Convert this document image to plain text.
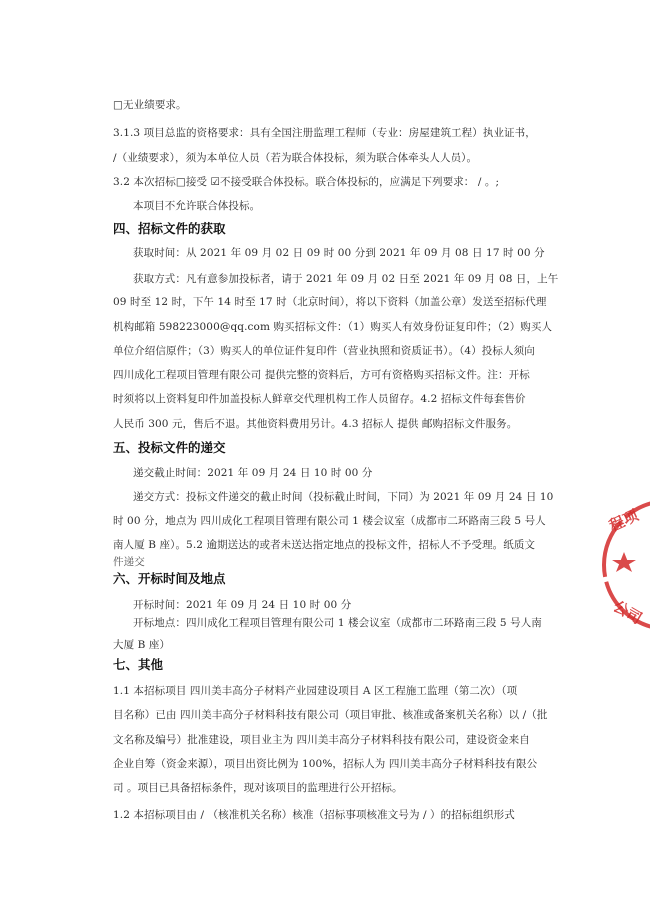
□无业绩要求。
3.1.3 项目总监的资格要求：具有全国注册监理工程师（专业：房屋建筑工程）执业证书，
/（业绩要求），须为本单位人员（若为联合体投标，须为联合体牵头人人员）。
3.2 本次招标□接受 ☑不接受联合体投标。联合体投标的，应满足下列要求： / 。;
本项目不允许联合体投标。
四、招标文件的获取
获取时间：从 2021 年 09 月 02 日 09 时 00 分到 2021 年 09 月 08 日 17 时 00 分
获取方式：凡有意参加投标者，请于 2021 年 09 月 02 日至 2021 年 09 月 08 日，上午
09 时至 12 时，下午 14 时至 17 时（北京时间），将以下资料（加盖公章）发送至招标代理
机构邮箱 598223000@qq.com 购买招标文件：（1）购买人有效身份证复印件；（2）购买人
单位介绍信原件；（3）购买人的单位证件复印件（营业执照和资质证书）。（4）投标人须向
四川成化工程项目管理有限公司 提供完整的资料后，方可有资格购买招标文件。注：开标
时须将以上资料复印件加盖投标人鲜章交代理机构工作人员留存。4.2 招标文件每套售价
人民币 300 元，售后不退。其他资料费用另计。4.3 招标人 提供 邮购招标文件服务。
五、投标文件的递交
递交截止时间：2021 年 09 月 24 日 10 时 00 分
递交方式：投标文件递交的截止时间（投标截止时间，下同）为 2021 年 09 月 24 日 10
时 00 分，地点为 四川成化工程项目管理有限公司 1 楼会议室（成都市二环路南三段 5 号人
南人厦 B 座）。5.2 逾期送达的或者未送达指定地点的投标文件，招标人不予受理。纸质文
件递交
六、开标时间及地点
开标时间：2021 年 09 月 24 日 10 时 00 分
开标地点：四川成化工程项目管理有限公司 1 楼会议室（成都市二环路南三段 5 号人南
大厦 B 座）
七、其他
1.1 本招标项目 四川美丰高分子材料产业园建设项目 A 区工程施工监理（第二次）（项
目名称）已由 四川美丰高分子材料科技有限公司（项目审批、核准或备案机关名称）以 /（批
文名称及编号）批准建设，项目业主为 四川美丰高分子材料科技有限公司，建设资金来自
企业自筹（资金来源），项目出资比例为 100%，招标人为 四川美丰高分子材料科技有限公
司 。项目已具备招标条件，现对该项目的监理进行公开招标。
1.2 本招标项目由 / （核准机关名称）核准（招标事项核准文号为 / ）的招标组织形式
程项
公司
